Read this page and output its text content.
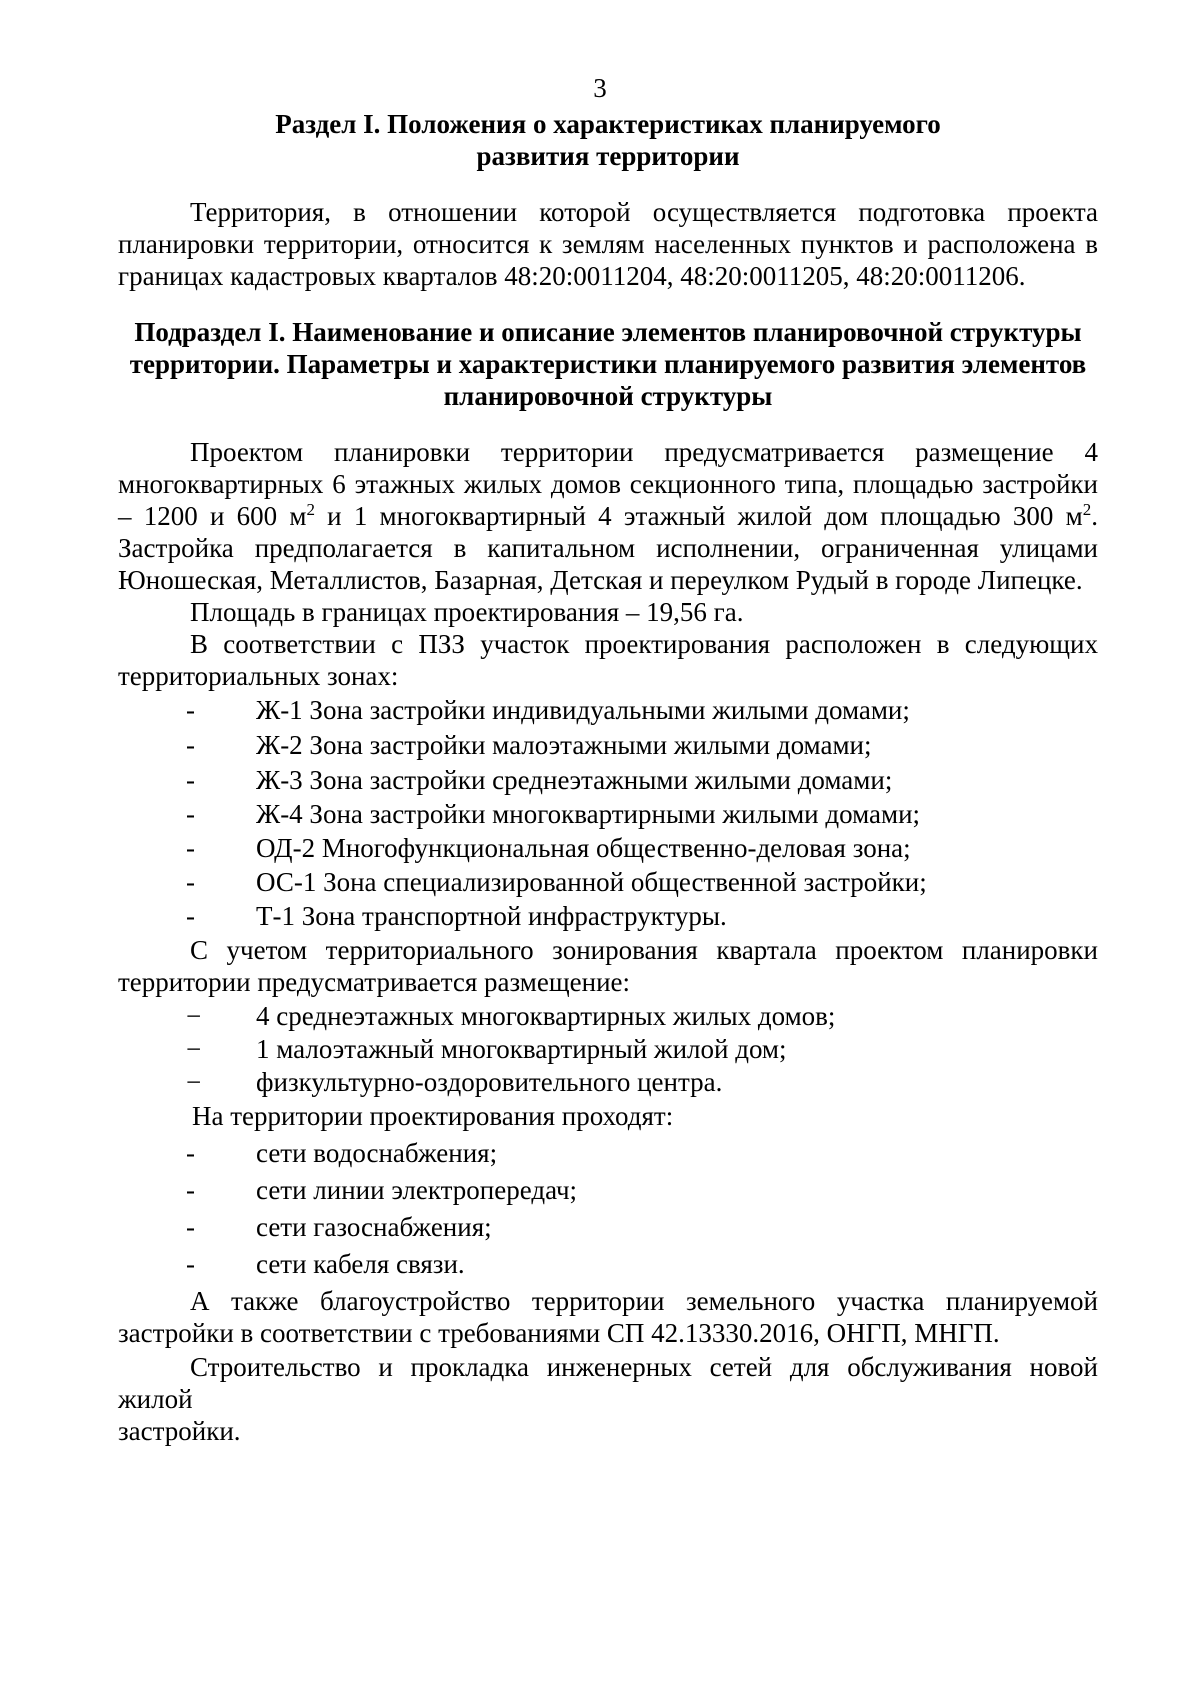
3
Раздел I. Положения о характеристиках планируемого
развития территории
Территория, в отношении которой осуществляется подготовка проекта
планировки территории, относится к землям населенных пунктов и расположена в
границах кадастровых кварталов 48:20:0011204, 48:20:0011205, 48:20:0011206.
Подраздел I. Наименование и описание элементов планировочной структуры
территории. Параметры и характеристики планируемого развития элементов
планировочной структуры
Проектом планировки территории предусматривается размещение 4
многоквартирных 6 этажных жилых домов секционного типа, площадью застройки
– 1200 и 600 $м^2$ и 1 многоквартирный 4 этажный жилой дом площадью 300 $м^2$.
Застройка предполагается в капитальном исполнении, ограниченная улицами
Юношеская, Металлистов, Базарная, Детская и переулком Рудый в городе Липецке.
Площадь в границах проектирования – 19,56 га.
В соответствии с ПЗЗ участок проектирования расположен в следующих
территориальных зонах:
-	Ж-1 Зона застройки индивидуальными жилыми домами;
-	Ж-2 Зона застройки малоэтажными жилыми домами;
-	Ж-3 Зона застройки среднеэтажными жилыми домами;
-	Ж-4 Зона застройки многоквартирными жилыми домами;
-	ОД-2 Многофункциональная общественно-деловая зона;
-	ОС-1 Зона специализированной общественной застройки;
-	Т-1 Зона транспортной инфраструктуры.
С учетом территориального зонирования квартала проектом планировки
территории предусматривается размещение:
− 4 среднеэтажных многоквартирных жилых домов;
− 1 малоэтажный многоквартирный жилой дом;
− физкультурно-оздоровительного центра.
На территории проектирования проходят:
-	сети водоснабжения;
-	сети линии электропередач;
-	сети газоснабжения;
-	сети кабеля связи.
А также благоустройство территории земельного участка планируемой
застройки в соответствии с требованиями СП 42.13330.2016, ОНГП, МНГП.
Строительство и прокладка инженерных сетей для обслуживания новой жилой
застройки.
